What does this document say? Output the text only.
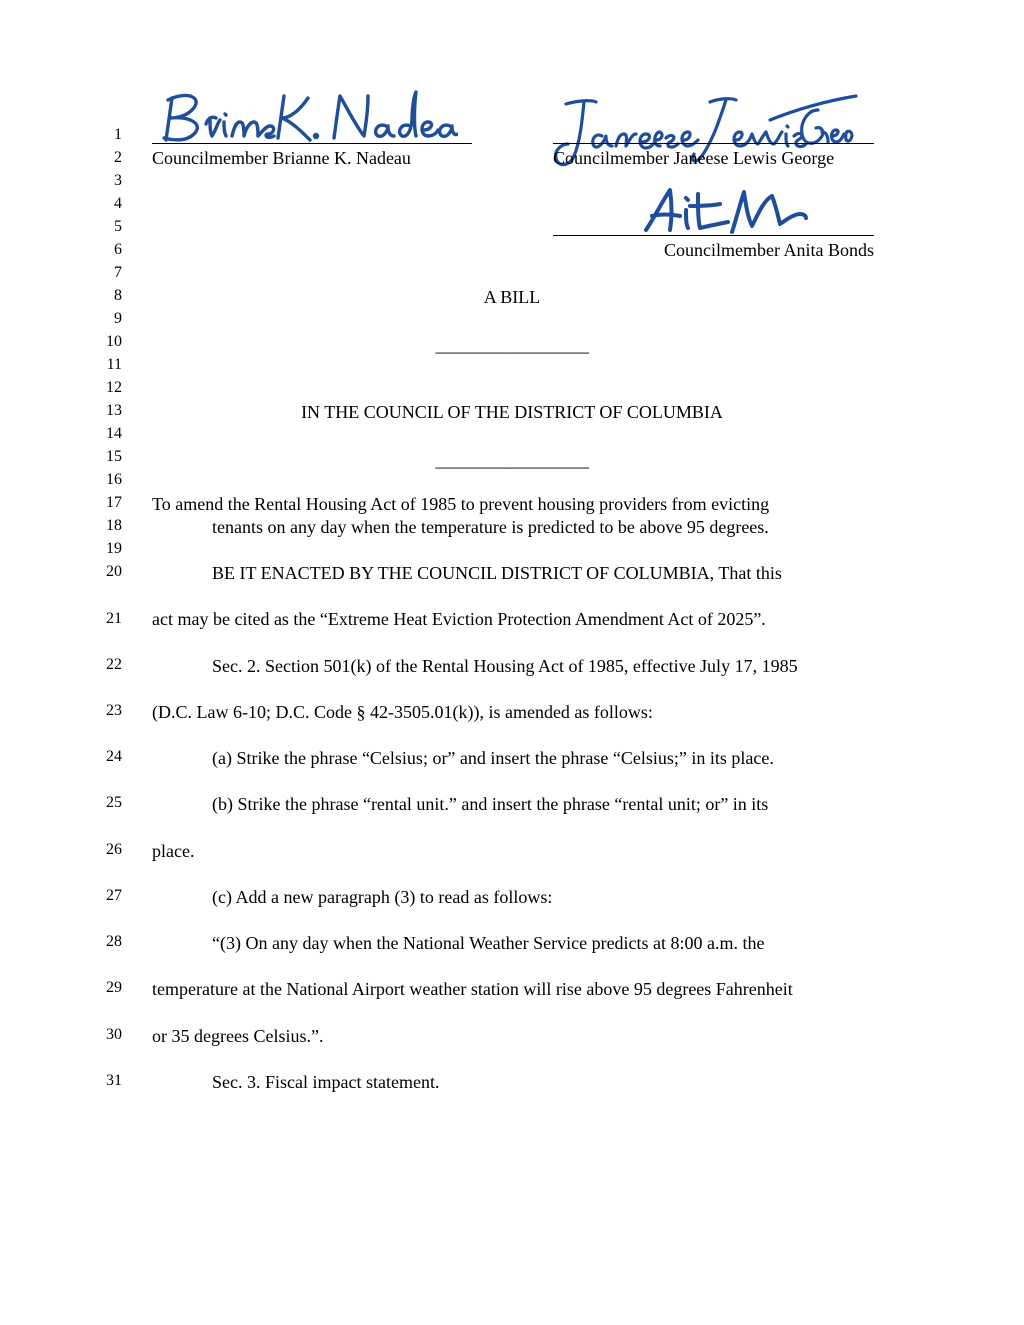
1
2
3
4
5
6
7
8
9
10
11
12
13
14
15
16
17
18
19
20
21
22
23
24
25
26
27
28
29
30
31
Councilmember Brianne K. Nadeau	Councilmember Janeese Lewis George
Councilmember Anita Bonds
A BILL
__________________
IN THE COUNCIL OF THE DISTRICT OF COLUMBIA
__________________
To amend the Rental Housing Act of 1985 to prevent housing providers from evicting
tenants on any day when the temperature is predicted to be above 95 degrees.
BE IT ENACTED BY THE COUNCIL DISTRICT OF COLUMBIA, That this
act may be cited as the “Extreme Heat Eviction Protection Amendment Act of 2025”.
Sec. 2. Section 501(k) of the Rental Housing Act of 1985, effective July 17, 1985
(D.C. Law 6-10; D.C. Code § 42-3505.01(k)), is amended as follows:
(a) Strike the phrase “Celsius; or” and insert the phrase “Celsius;” in its place.
(b) Strike the phrase “rental unit.” and insert the phrase “rental unit; or” in its
place.
(c) Add a new paragraph (3) to read as follows:
“(3) On any day when the National Weather Service predicts at 8:00 a.m. the
temperature at the National Airport weather station will rise above 95 degrees Fahrenheit
or 35 degrees Celsius.”.
Sec. 3. Fiscal impact statement.
